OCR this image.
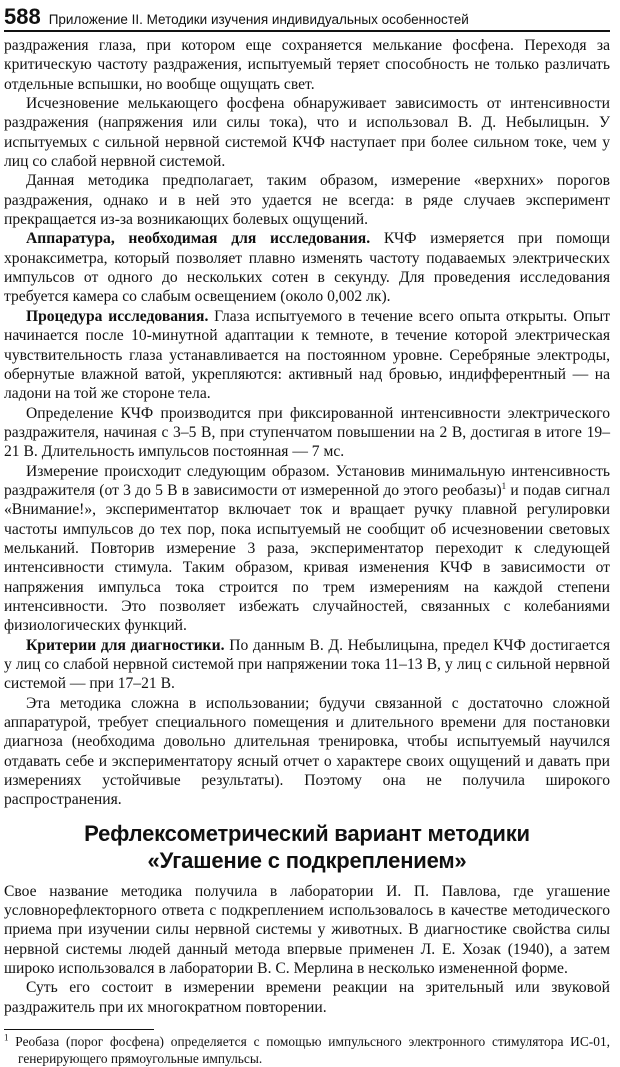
588 Приложение II. Методики изучения индивидуальных особенностей

раздражения глаза, при котором еще сохраняется мелькание фосфена. Переходя за критическую частоту раздражения, испытуемый теряет способность не только различать отдельные вспышки, но вообще ощущать свет.

Исчезновение мелькающего фосфена обнаруживает зависимость от интенсивности раздражения (напряжения или силы тока), что и использовал В. Д. Небылицын. У испытуемых с сильной нервной системой КЧФ наступает при более сильном токе, чем у лиц со слабой нервной системой.

Данная методика предполагает, таким образом, измерение «верхних» порогов раздражения, однако и в ней это удается не всегда: в ряде случаев эксперимент прекращается из-за возникающих болевых ощущений.

Аппаратура, необходимая для исследования. КЧФ измеряется при помощи хронаксиметра, который позволяет плавно изменять частоту подаваемых электрических импульсов от одного до нескольких сотен в секунду. Для проведения исследования требуется камера со слабым освещением (около 0,002 лк).

Процедура исследования. Глаза испытуемого в течение всего опыта открыты. Опыт начинается после 10-минутной адаптации к темноте, в течение которой электрическая чувствительность глаза устанавливается на постоянном уровне. Серебряные электроды, обернутые влажной ватой, укрепляются: активный над бровью, индифферентный — на ладони на той же стороне тела.

Определение КЧФ производится при фиксированной интенсивности электрического раздражителя, начиная с 3–5 В, при ступенчатом повышении на 2 В, достигая в итоге 19–21 В. Длительность импульсов постоянная — 7 мс.

Измерение происходит следующим образом. Установив минимальную интенсивность раздражителя (от 3 до 5 В в зависимости от измеренной до этого реобазы)$^1$ и подав сигнал «Внимание!», экспериментатор включает ток и вращает ручку плавной регулировки частоты импульсов до тех пор, пока испытуемый не сообщит об исчезновении световых мельканий. Повторив измерение 3 раза, экспериментатор переходит к следующей интенсивности стимула. Таким образом, кривая изменения КЧФ в зависимости от напряжения импульса тока строится по трем измерениям на каждой степени интенсивности. Это позволяет избежать случайностей, связанных с колебаниями физиологических функций.

Критерии для диагностики. По данным В. Д. Небылицына, предел КЧФ достигается у лиц со слабой нервной системой при напряжении тока 11–13 В, у лиц с сильной нервной системой — при 17–21 В.

Эта методика сложна в использовании; будучи связанной с достаточно сложной аппаратурой, требует специального помещения и длительного времени для постановки диагноза (необходима довольно длительная тренировка, чтобы испытуемый научился отдавать себе и экспериментатору ясный отчет о характере своих ощущений и давать при измерениях устойчивые результаты). Поэтому она не получила широкого распространения.

Рефлексометрический вариант методики
«Угашение с подкреплением»

Свое название методика получила в лаборатории И. П. Павлова, где угашение условнорефлекторного ответа с подкреплением использовалось в качестве методического приема при изучении силы нервной системы у животных. В диагностике свойства силы нервной системы людей данный метода впервые применен Л. Е. Хозак (1940), а затем широко использовался в лаборатории В. С. Мерлина в несколько измененной форме.

Суть его состоит в измерении времени реакции на зрительный или звуковой раздражитель при их многократном повторении.

$^1$ Реобаза (порог фосфена) определяется с помощью импульсного электронного стимулятора ИС-01, генерирующего прямоугольные импульсы.
